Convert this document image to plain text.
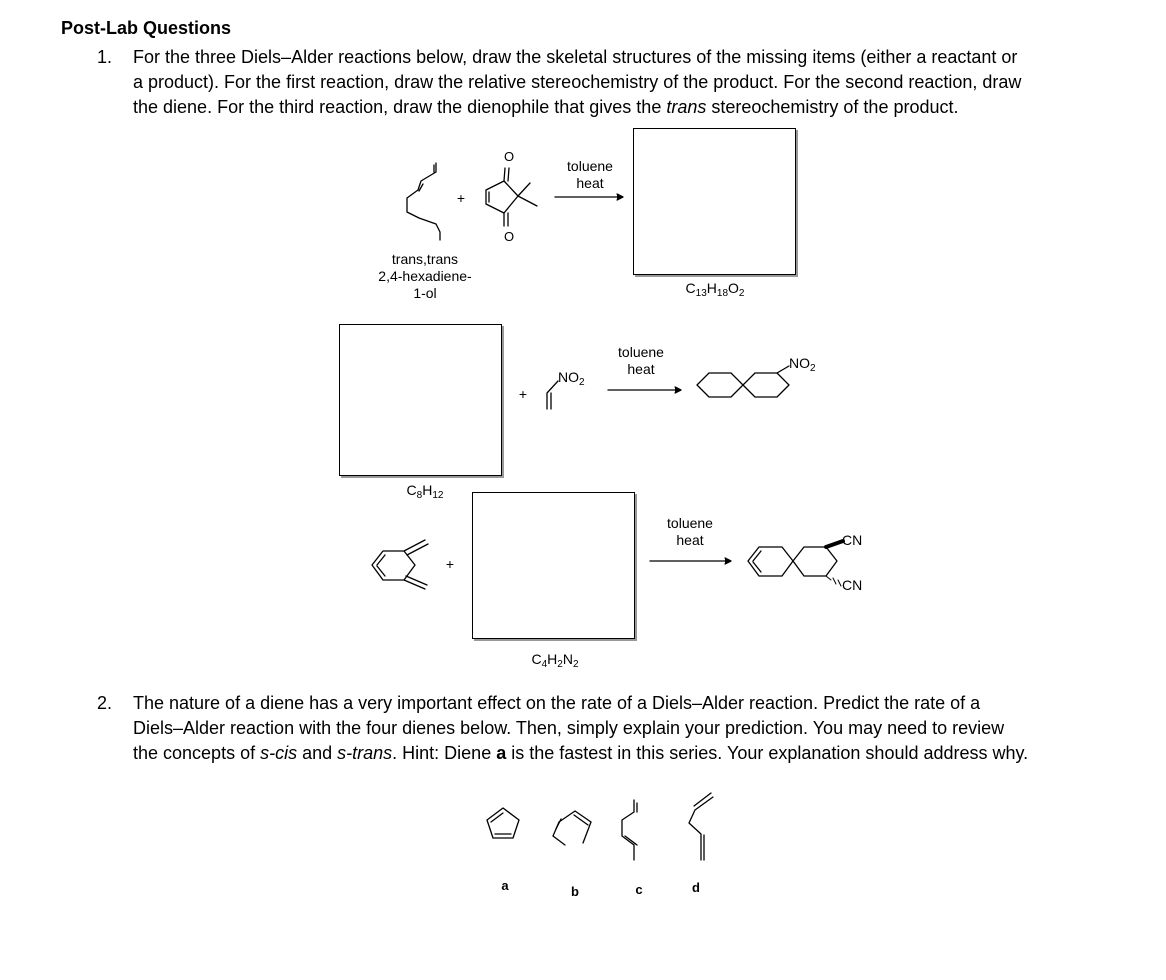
Post-Lab Questions
1. For the three Diels–Alder reactions below, draw the skeletal structures of the missing items (either a reactant or
a product). For the first reaction, draw the relative stereochemistry of the product. For the second reaction, draw
the diene. For the third reaction, draw the dienophile that gives the trans stereochemistry of the product.
+
O
O
toluene
heat
trans,trans
2,4-hexadiene-
1-ol	$C_{13}H_{18}O_2$
$C_8H_{12}$
+
$NO_2$
toluene
heat	$NO_2$
+
$C_4H_2N_2$
toluene
heat	CN
CN
2. The nature of a diene has a very important effect on the rate of a Diels–Alder reaction. Predict the rate of a
Diels–Alder reaction with the four dienes below. Then, simply explain your prediction. You may need to review
the concepts of s-cis and s-trans. Hint: Diene a is the fastest in this series. Your explanation should address why.
a	b	c	d
